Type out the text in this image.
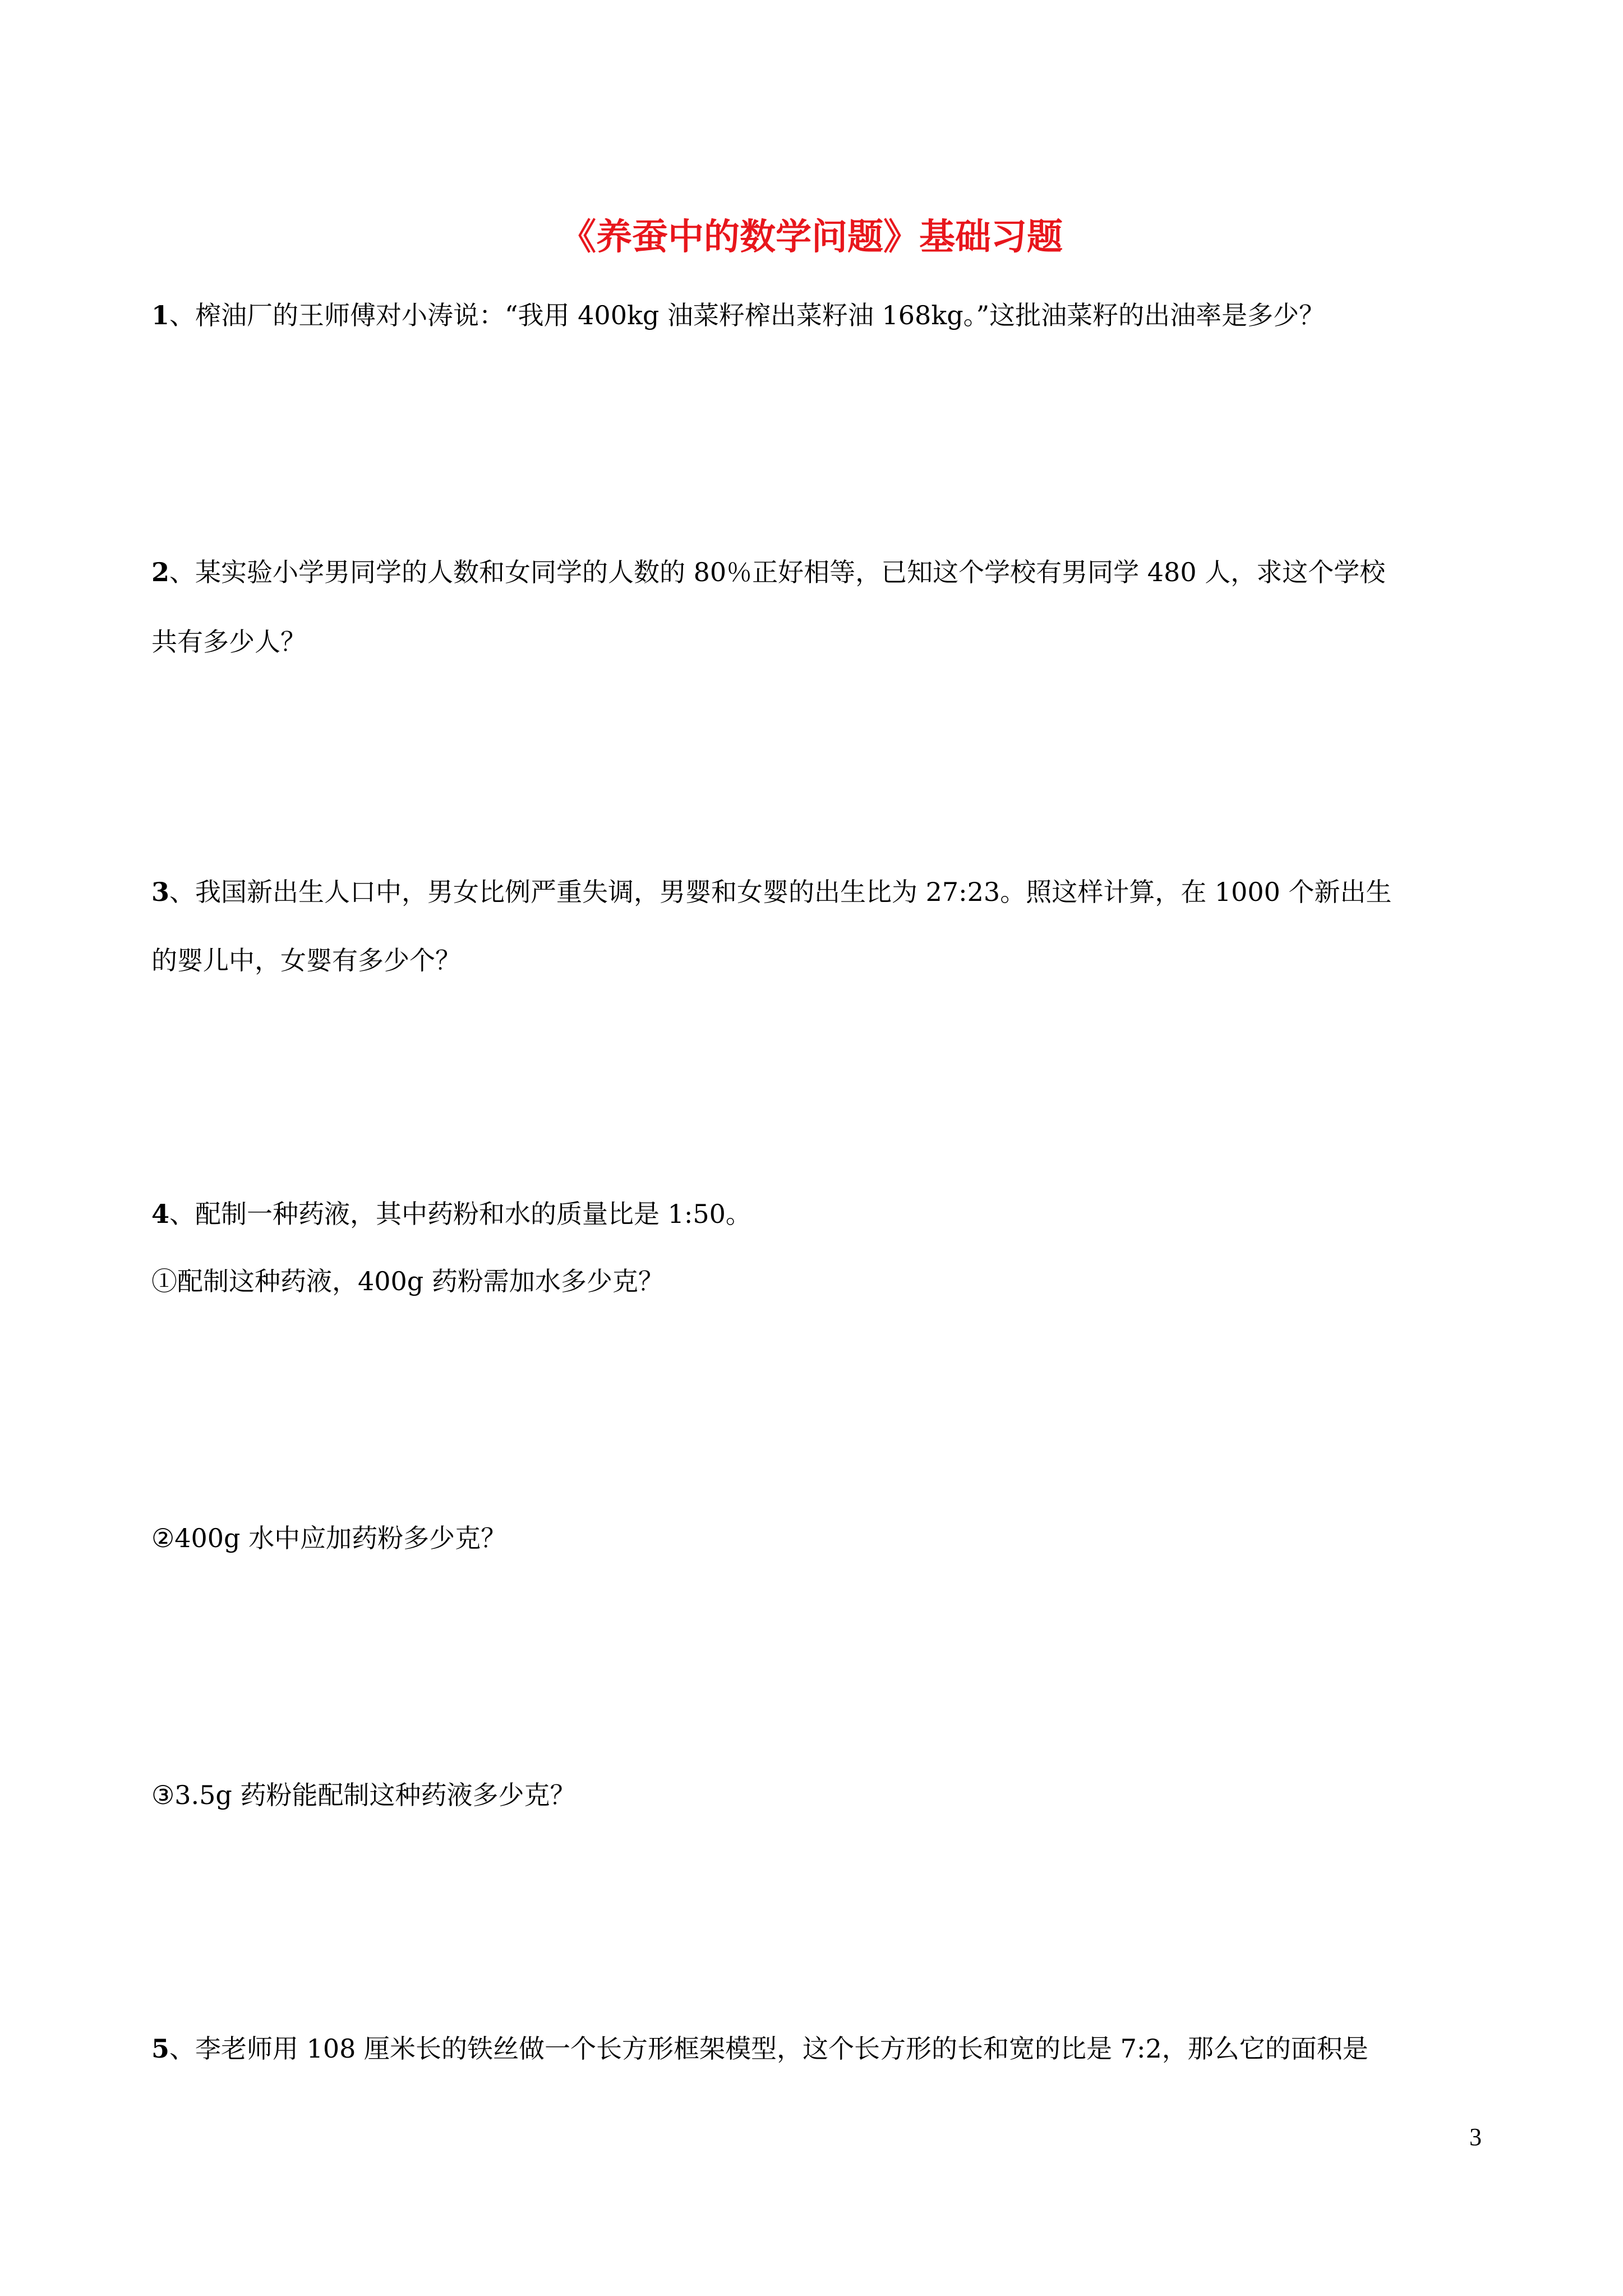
《养蚕中的数学问题》基础习题
1、榨油厂的王师傅对小涛说：“我用 400kg 油菜籽榨出菜籽油 168kg。”这批油菜籽的出油率是多少？
2、某实验小学男同学的人数和女同学的人数的 80％正好相等，已知这个学校有男同学 480 人，求这个学校
共有多少人？
3、我国新出生人口中，男女比例严重失调，男婴和女婴的出生比为 27:23。照这样计算，在 1000 个新出生
的婴儿中，女婴有多少个？
4、配制一种药液，其中药粉和水的质量比是 1:50。
①配制这种药液，400g 药粉需加水多少克？
②400g 水中应加药粉多少克？
③3.5g 药粉能配制这种药液多少克？
5、李老师用 108 厘米长的铁丝做一个长方形框架模型，这个长方形的长和宽的比是 7:2，那么它的面积是
3
